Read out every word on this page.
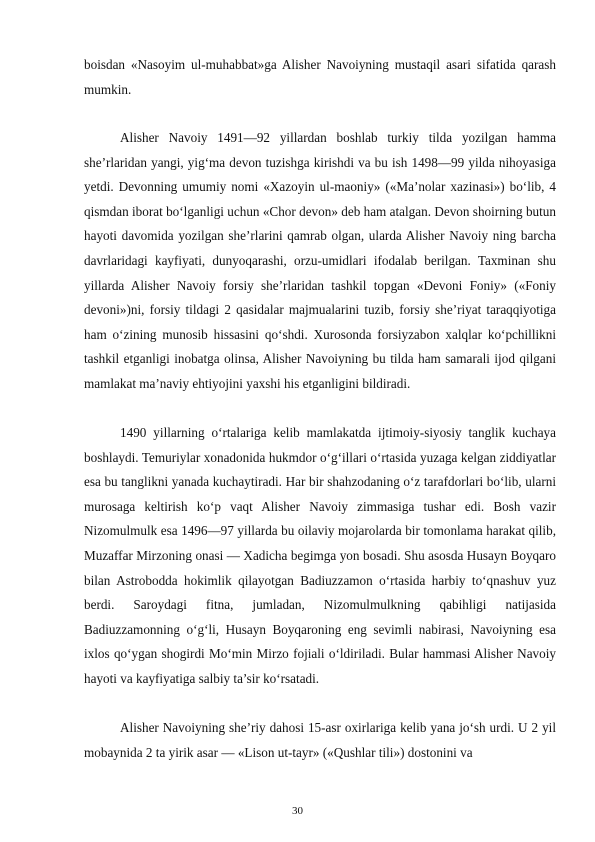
boisdan «Nasoyim ul-muhabbat»ga Alisher Navoiyning mustaqil asari sifatida qarash mumkin.

Alisher Navoiy 1491—92 yillardan boshlab turkiy tilda yozilgan hamma she’rlaridan yangi, yig‘ma devon tuzishga kirishdi va bu ish 1498—99 yilda nihoyasiga yetdi. Devonning umumiy nomi «Xazoyin ul-maoniy» («Ma’nolar xazinasi») bo‘lib, 4 qismdan iborat bo‘lganligi uchun «Chor devon» deb ham atalgan. Devon shoirning butun hayoti davomida yozilgan she’rlarini qamrab olgan, ularda Alisher Navoiy ning barcha davrlaridagi kayfiyati, dunyoqarashi, orzu-umidlari ifodalab berilgan. Taxminan shu yillarda Alisher Navoiy forsiy she’rlaridan tashkil topgan «Devoni Foniy» («Foniy devoni»)ni, forsiy tildagi 2 qasidalar majmualarini tuzib, forsiy she’riyat taraqqiyotiga ham o‘zining munosib hissasini qo‘shdi. Xurosonda forsiyzabon xalqlar ko‘pchillikni tashkil etganligi inobatga olinsa, Alisher Navoiyning bu tilda ham samarali ijod qilgani mamlakat ma’naviy ehtiyojini yaxshi his etganligini bildiradi.

1490 yillarning o‘rtalariga kelib mamlakatda ijtimoiy-siyosiy tanglik kuchaya boshlaydi. Temuriylar xonadonida hukmdor o‘g‘illari o‘rtasida yuzaga kelgan ziddiyatlar esa bu tanglikni yanada kuchaytiradi. Har bir shahzodaning o‘z tarafdorlari bo‘lib, ularni murosaga keltirish ko‘p vaqt Alisher Navoiy zimmasiga tushar edi. Bosh vazir Nizomulmulk esa 1496—97 yillarda bu oilaviy mojarolarda bir tomonlama harakat qilib, Muzaffar Mirzoning onasi — Xadicha begimga yon bosadi. Shu asosda Husayn Boyqaro bilan Astrobodda hokimlik qilayotgan Badiuzzamon o‘rtasida harbiy to‘qnashuv yuz berdi. Saroydagi fitna, jumladan, Nizomulmulkning qabihligi natijasida Badiuzzamonning o‘g‘li, Husayn Boyqaroning eng sevimli nabirasi, Navoiyning esa ixlos qo‘ygan shogirdi Mo‘min Mirzo fojiali o‘ldiriladi. Bular hammasi Alisher Navoiy hayoti va kayfiyatiga salbiy ta’sir ko‘rsatadi.

Alisher Navoiyning she’riy dahosi 15-asr oxirlariga kelib yana jo‘sh urdi. U 2 yil mobaynida 2 ta yirik asar — «Lison ut-tayr» («Qushlar tili») dostonini va

30
